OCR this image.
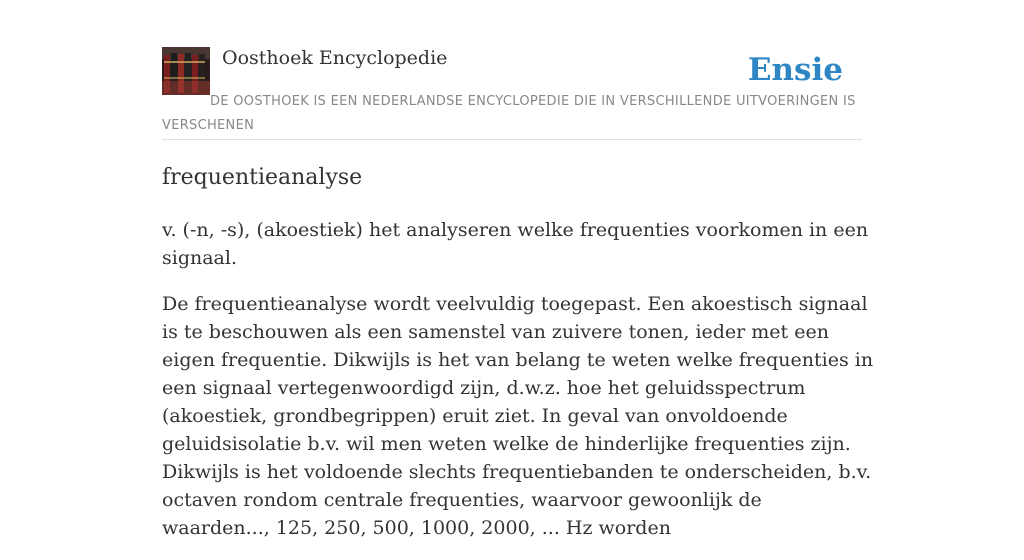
Oosthoek Encyclopedie	Ensie
DE OOSTHOEK IS EEN NEDERLANDSE ENCYCLOPEDIE DIE IN VERSCHILLENDE UITVOERINGEN IS VERSCHENEN
frequentieanalyse

v. (-n, -s), (akoestiek) het analyseren welke frequenties voorkomen in een signaal.

De frequentieanalyse wordt veelvuldig toegepast. Een akoestisch signaal is te beschouwen als een samenstel van zuivere tonen, ieder met een eigen frequentie. Dikwijls is het van belang te weten welke frequenties in een signaal vertegenwoordigd zijn, d.w.z. hoe het geluidsspectrum (akoestiek, grondbegrippen) eruit ziet. In geval van onvoldoende geluidsisolatie b.v. wil men weten welke de hinderlijke frequenties zijn. Dikwijls is het voldoende slechts frequentiebanden te onderscheiden, b.v. octaven rondom centrale frequenties, waarvoor gewoonlijk de waarden..., 125, 250, 500, 1000, 2000, ... Hz worden
